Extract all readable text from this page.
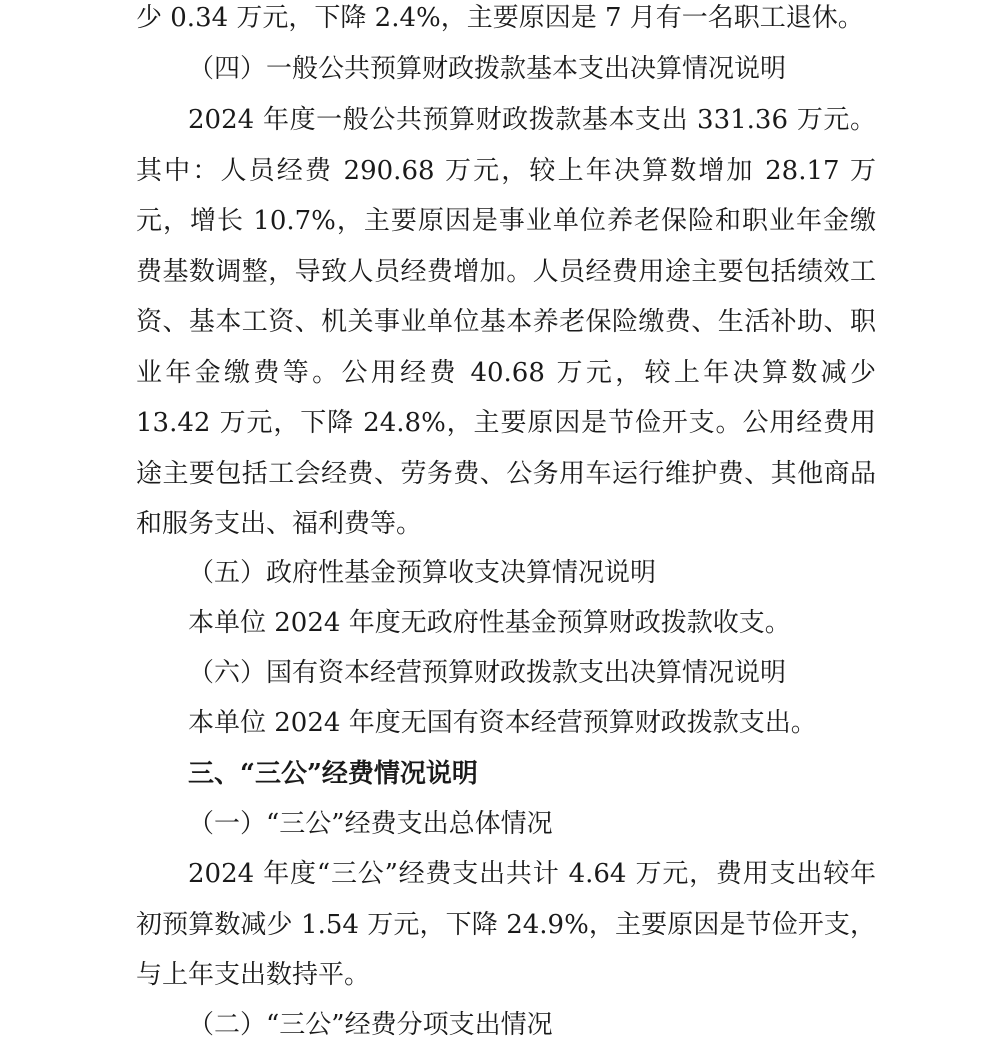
少 0.34 万元，下降 2.4%，主要原因是 7 月有一名职工退休。

（四）一般公共预算财政拨款基本支出决算情况说明

2024 年度一般公共预算财政拨款基本支出 331.36 万元。其中：人员经费 290.68 万元，较上年决算数增加 28.17 万元，增长 10.7%，主要原因是事业单位养老保险和职业年金缴费基数调整，导致人员经费增加。人员经费用途主要包括绩效工资、基本工资、机关事业单位基本养老保险缴费、生活补助、职业年金缴费等。公用经费 40.68 万元，较上年决算数减少 13.42 万元，下降 24.8%，主要原因是节俭开支。公用经费用途主要包括工会经费、劳务费、公务用车运行维护费、其他商品和服务支出、福利费等。

（五）政府性基金预算收支决算情况说明

本单位 2024 年度无政府性基金预算财政拨款收支。

（六）国有资本经营预算财政拨款支出决算情况说明

本单位 2024 年度无国有资本经营预算财政拨款支出。

三、“三公”经费情况说明

（一）“三公”经费支出总体情况

2024 年度“三公”经费支出共计 4.64 万元，费用支出较年初预算数减少 1.54 万元，下降 24.9%，主要原因是节俭开支，与上年支出数持平。

（二）“三公”经费分项支出情况
